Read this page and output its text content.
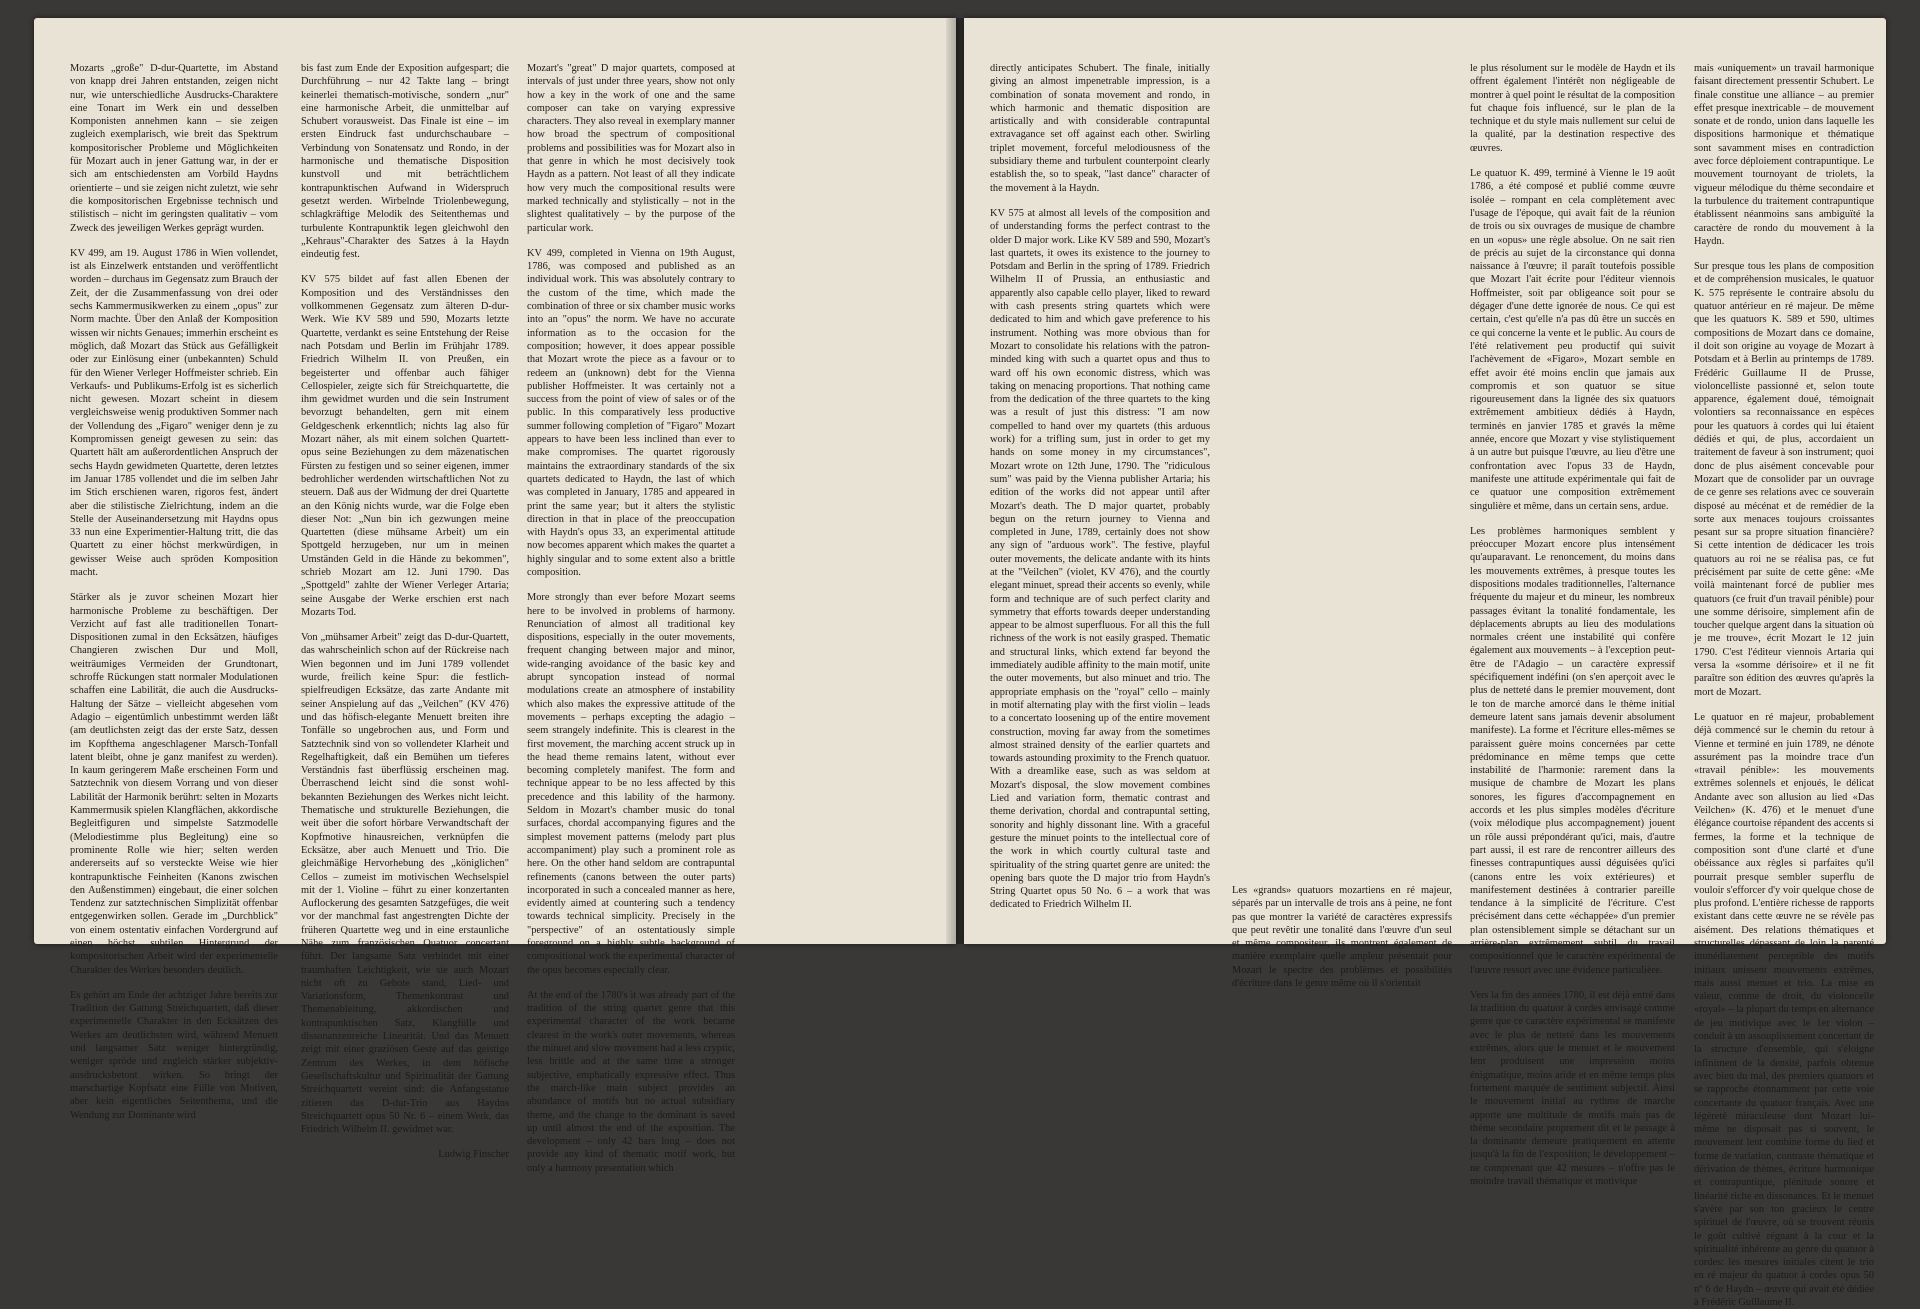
Mozarts „große" D-dur-Quartette, im Abstand von knapp drei Jahren entstanden, zeigen nicht nur, wie unterschiedliche Ausdrucks-Charaktere eine Tonart im Werk ein und desselben Komponisten annehmen kann – sie zeigen zugleich exemplarisch, wie breit das Spektrum kompositorischer Probleme und Möglichkeiten für Mozart auch in jener Gattung war, in der er sich am entschiedensten am Vorbild Haydns orientierte – und sie zeigen nicht zuletzt, wie sehr die kompositorischen Ergebnisse technisch und stilistisch – nicht im geringsten qualitativ – vom Zweck des jeweiligen Werkes geprägt wurden.

KV 499, am 19. August 1786 in Wien vollendet, ist als Einzelwerk entstanden und veröffentlicht worden – durchaus im Gegensatz zum Brauch der Zeit, der die Zusammenfassung von drei oder sechs Kammermusikwerken zu einem „opus" zur Norm machte. Über den Anlaß der Komposition wissen wir nichts Genaues; immerhin erscheint es möglich, daß Mozart das Stück aus Gefälligkeit oder zur Einlösung einer (unbekannten) Schuld für den Wiener Verleger Hoffmeister schrieb. Ein Verkaufs- und Publikums-Erfolg ist es sicherlich nicht gewesen. Mozart scheint in diesem vergleichsweise wenig produktiven Sommer nach der Vollendung des „Figaro" weniger denn je zu Kompromissen geneigt gewesen zu sein: das Quartett hält am außerordentlichen Anspruch der sechs Haydn gewidmeten Quartette, deren letztes im Januar 1785 vollendet und die im selben Jahr im Stich erschienen waren, rigoros fest, ändert aber die stilistische Zielrichtung, indem an die Stelle der Auseinandersetzung mit Haydns opus 33 nun eine Experimentier-Haltung tritt, die das Quartett zu einer höchst merkwürdigen, in gewisser Weise auch spröden Komposition macht.

Stärker als je zuvor scheinen Mozart hier harmonische Probleme zu beschäftigen. Der Verzicht auf fast alle traditionellen Tonart-Dispositionen zumal in den Ecksätzen, häufiges Changieren zwischen Dur und Moll, weiträumiges Vermeiden der Grundtonart, schroffe Rückungen statt normaler Modulationen schaffen eine Labilität, die auch die Ausdrucks-Haltung der Sätze – vielleicht abgesehen vom Adagio – eigentümlich unbestimmt werden läßt (am deutlichsten zeigt das der erste Satz, dessen im Kopfthema angeschlagener Marsch-Tonfall latent bleibt, ohne je ganz manifest zu werden). In kaum geringerem Maße erscheinen Form und Satztechnik von diesem Vorrang und von dieser Labilität der Harmonik berührt: selten in Mozarts Kammermusik spielen Klangflächen, akkordische Begleitfiguren und simpelste Satzmodelle (Melodiestimme plus Begleitung) eine so prominente Rolle wie hier; selten werden andererseits auf so versteckte Weise wie hier kontrapunktische Feinheiten (Kanons zwischen den Außenstimmen) eingebaut, die einer solchen Tendenz zur satztechnischen Simplizität offenbar entgegenwirken sollen. Gerade im „Durchblick" von einem ostentativ einfachen Vordergrund auf einen höchst subtilen Hintergrund der kompositorischen Arbeit wird der experimentelle Charakter des Werkes besonders deutlich.

Es gehört am Ende der achtziger Jahre bereits zur Tradition der Gattung Streichquartett, daß dieser experimentelle Charakter in den Ecksätzen des Werkes am deutlichsten wird, während Menuett und langsamer Satz weniger hintergründig, weniger spröde und zugleich stärker subjektiv-ausdrucksbetont wirken. So bringt der marschartige Kopfsatz eine Fülle von Motiven, aber kein eigentliches Seitenthema, und die Wendung zur Dominante wird

bis fast zum Ende der Exposition aufgespart; die Durchführung – nur 42 Takte lang – bringt keinerlei thematisch-motivische, sondern „nur" eine harmonische Arbeit, die unmittelbar auf Schubert vorausweist. Das Finale ist eine – im ersten Eindruck fast undurchschaubare – Verbindung von Sonatensatz und Rondo, in der harmonische und thematische Disposition kunstvoll und mit beträchtlichem kontrapunktischen Aufwand in Widerspruch gesetzt werden. Wirbelnde Triolenbewegung, schlagkräftige Melodik des Seitenthemas und turbulente Kontrapunktik legen gleichwohl den „Kehraus"-Charakter des Satzes à la Haydn eindeutig fest.

KV 575 bildet auf fast allen Ebenen der Komposition und des Verständnisses den vollkommenen Gegensatz zum älteren D-dur-Werk. Wie KV 589 und 590, Mozarts letzte Quartette, verdankt es seine Entstehung der Reise nach Potsdam und Berlin im Frühjahr 1789. Friedrich Wilhelm II. von Preußen, ein begeisterter und offenbar auch fähiger Cellospieler, zeigte sich für Streichquartette, die ihm gewidmet wurden und die sein Instrument bevorzugt behandelten, gern mit einem Geldgeschenk erkenntlich; nichts lag also für Mozart näher, als mit einem solchen Quartett-opus seine Beziehungen zu dem mäzenatischen Fürsten zu festigen und so seiner eigenen, immer bedrohlicher werdenden wirtschaftlichen Not zu steuern. Daß aus der Widmung der drei Quartette an den König nichts wurde, war die Folge eben dieser Not: „Nun bin ich gezwungen meine Quartetten (diese mühsame Arbeit) um ein Spottgeld herzugeben, nur um in meinen Umständen Geld in die Hände zu bekommen", schrieb Mozart am 12. Juni 1790. Das „Spottgeld" zahlte der Wiener Verleger Artaria; seine Ausgabe der Werke erschien erst nach Mozarts Tod.

Von „mühsamer Arbeit" zeigt das D-dur-Quartett, das wahrscheinlich schon auf der Rückreise nach Wien begonnen und im Juni 1789 vollendet wurde, freilich keine Spur: die festlich-spielfreudigen Ecksätze, das zarte Andante mit seiner Anspielung auf das „Veilchen" (KV 476) und das höfisch-elegante Menuett breiten ihre Tonfälle so ungebrochen aus, und Form und Satztechnik sind von so vollendeter Klarheit und Regelhaftigkeit, daß ein Bemühen um tieferes Verständnis fast überflüssig erscheinen mag. Überraschend leicht sind die sonst wohl-bekannten Beziehungen des Werkes nicht leicht. Thematische und strukturelle Beziehungen, die weit über die sofort hörbare Verwandtschaft der Kopfmotive hinausreichen, verknüpfen die Ecksätze, aber auch Menuett und Trio. Die gleichmäßige Hervorhebung des „königlichen" Cellos – zumeist im motivischen Wechselspiel mit der 1. Violine – führt zu einer konzertanten Auflockerung des gesamten Satzgefüges, die weit vor der manchmal fast angestrengten Dichte der früheren Quartette weg und in eine erstaunliche Nähe zum französischen Quatuor concertant führt. Der langsame Satz verbindet mit einer traumhaften Leichtigkeit, wie sie auch Mozart nicht oft zu Gebote stand, Lied- und Variationsform, Themenkontrast und Themenableitung, akkordischen und kontrapunktischen Satz, Klangfülle und dissonanzenreiche Linearität. Und das Menuett zeigt mit einer graziösen Geste auf das geistige Zentrum des Werkes, in dem höfische Gesellschaftskultur und Spiritualität der Gattung Streichquartett vereint sind: die Anfangsstatue zitieren das D-dur-Trio aus Haydns Streichquartett opus 50 Nr. 6 – einem Werk, das Friedrich Wilhelm II. gewidmet war.

Ludwig Finscher

Mozart's "great" D major quartets, composed at intervals of just under three years, show not only how a key in the work of one and the same composer can take on varying expressive characters. They also reveal in exemplary manner how broad the spectrum of compositional problems and possibilities was for Mozart also in that genre in which he most decisively took Haydn as a pattern. Not least of all they indicate how very much the compositional results were marked technically and stylistically – not in the slightest qualitatively – by the purpose of the particular work.

KV 499, completed in Vienna on 19th August, 1786, was composed and published as an individual work. This was absolutely contrary to the custom of the time, which made the combination of three or six chamber music works into an "opus" the norm. We have no accurate information as to the occasion for the composition; however, it does appear possible that Mozart wrote the piece as a favour or to redeem an (unknown) debt for the Vienna publisher Hoffmeister. It was certainly not a success from the point of view of sales or of the public. In this comparatively less productive summer following completion of "Figaro" Mozart appears to have been less inclined than ever to make compromises. The quartet rigorously maintains the extraordinary standards of the six quartets dedicated to Haydn, the last of which was completed in January, 1785 and appeared in print the same year; but it alters the stylistic direction in that in place of the preoccupation with Haydn's opus 33, an experimental attitude now becomes apparent which makes the quartet a highly singular and to some extent also a brittle composition.

More strongly than ever before Mozart seems here to be involved in problems of harmony. Renunciation of almost all traditional key dispositions, especially in the outer movements, frequent changing between major and minor, wide-ranging avoidance of the basic key and abrupt syncopation instead of normal modulations create an atmosphere of instability which also makes the expressive attitude of the movements – perhaps excepting the adagio – seem strangely indefinite. This is clearest in the first movement, the marching accent struck up in the head theme remains latent, without ever becoming completely manifest. The form and technique appear to be no less affected by this precedence and this lability of the harmony. Seldom in Mozart's chamber music do tonal surfaces, chordal accompanying figures and the simplest movement patterns (melody part plus accompaniment) play such a prominent role as here. On the other hand seldom are contrapuntal refinements (canons between the outer parts) incorporated in such a concealed manner as here, evidently aimed at countering such a tendency towards technical simplicity. Precisely in the "perspective" of an ostentatiously simple foreground on a highly subtle background of compositional work the experimental character of the opus becomes especially clear.

At the end of the 1780's it was already part of the tradition of the string quartet genre that this experimental character of the work became clearest in the work's outer movements, whereas the minuet and slow movement had a less cryptic, less brittle and at the same time a stronger subjective, emphatically expressive effect. Thus the march-like main subject provides an abundance of motifs but no actual subsidiary theme, and the change to the dominant is saved up until almost the end of the exposition. The development – only 42 bars long – does not provide any kind of thematic motif work, but only a harmony presentation which

directly anticipates Schubert. The finale, initially giving an almost impenetrable impression, is a combination of sonata movement and rondo, in which harmonic and thematic disposition are artistically and with considerable contrapuntal extravagance set off against each other. Swirling triplet movement, forceful melodiousness of the subsidiary theme and turbulent counterpoint clearly establish the, so to speak, "last dance" character of the movement à la Haydn.

KV 575 at almost all levels of the composition and of understanding forms the perfect contrast to the older D major work. Like KV 589 and 590, Mozart's last quartets, it owes its existence to the journey to Potsdam and Berlin in the spring of 1789. Friedrich Wilhelm II of Prussia, an enthusiastic and apparently also capable cello player, liked to reward with cash presents string quartets which were dedicated to him and which gave preference to his instrument. Nothing was more obvious than for Mozart to consolidate his relations with the patron-minded king with such a quartet opus and thus to ward off his own economic distress, which was taking on menacing proportions. That nothing came from the dedication of the three quartets to the king was a result of just this distress: "I am now compelled to hand over my quartets (this arduous work) for a trifling sum, just in order to get my hands on some money in my circumstances", Mozart wrote on 12th June, 1790. The "ridiculous sum" was paid by the Vienna publisher Artaria; his edition of the works did not appear until after Mozart's death. The D major quartet, probably begun on the return journey to Vienna and completed in June, 1789, certainly does not show any sign of "arduous work". The festive, playful outer movements, the delicate andante with its hints at the "Veilchen" (violet, KV 476), and the courtly elegant minuet, spread their accents so evenly, while form and technique are of such perfect clarity and symmetry that efforts towards deeper understanding appear to be almost superfluous. For all this the full richness of the work is not easily grasped. Thematic and structural links, which extend far beyond the immediately audible affinity to the main motif, unite the outer movements, but also minuet and trio. The appropriate emphasis on the "royal" cello – mainly in motif alternating play with the first violin – leads to a concertato loosening up of the entire movement construction, moving far away from the sometimes almost strained density of the earlier quartets and towards astounding proximity to the French quatuor. With a dreamlike ease, such as was seldom at Mozart's disposal, the slow movement combines Lied and variation form, thematic contrast and theme derivation, chordal and contrapuntal setting, sonority and highly dissonant line. With a graceful gesture the minuet points to the intellectual core of the work in which courtly cultural taste and spirituality of the string quartet genre are united: the opening bars quote the D major trio from Haydn's String Quartet opus 50 No. 6 – a work that was dedicated to Friedrich Wilhelm II.

Les «grands» quatuors mozartiens en ré majeur, séparés par un intervalle de trois ans à peine, ne font pas que montrer la variété de caractères expressifs que peut revêtir une tonalité dans l'œuvre d'un seul et même compositeur, ils montrent également de manière exemplaire quelle ampleur présentait pour Mozart le spectre des problèmes et possibilités d'écriture dans le genre même où il s'orientait

le plus résolument sur le modèle de Haydn et ils offrent également l'intérêt non négligeable de montrer à quel point le résultat de la composition fut chaque fois influencé, sur le plan de la technique et du style mais nullement sur celui de la qualité, par la destination respective des œuvres.

Le quatuor K. 499, terminé à Vienne le 19 août 1786, a été composé et publié comme œuvre isolée – rompant en cela complètement avec l'usage de l'époque, qui avait fait de la réunion de trois ou six ouvrages de musique de chambre en un «opus» une règle absolue. On ne sait rien de précis au sujet de la circonstance qui donna naissance à l'œuvre; il paraît toutefois possible que Mozart l'ait écrite pour l'éditeur viennois Hoffmeister, soit par obligeance soit pour se dégager d'une dette ignorée de nous. Ce qui est certain, c'est qu'elle n'a pas dû être un succès en ce qui concerne la vente et le public. Au cours de l'été relativement peu productif qui suivit l'achèvement de «Figaro», Mozart semble en effet avoir été moins enclin que jamais aux compromis et son quatuor se situe rigoureusement dans la lignée des six quatuors extrêmement ambitieux dédiés à Haydn, terminés en janvier 1785 et gravés la même année, encore que Mozart y vise stylistiquement à un autre but puisque l'œuvre, au lieu d'être une confrontation avec l'opus 33 de Haydn, manifeste une attitude expérimentale qui fait de ce quatuor une composition extrêmement singulière et même, dans un certain sens, ardue.

Les problèmes harmoniques semblent y préoccuper Mozart encore plus intensément qu'auparavant. Le renoncement, du moins dans les mouvements extrêmes, à presque toutes les dispositions modales traditionnelles, l'alternance fréquente du majeur et du mineur, les nombreux passages évitant la tonalité fondamentale, les déplacements abrupts au lieu des modulations normales créent une instabilité qui confère également aux mouvements – à l'exception peut-être de l'Adagio – un caractère expressif spécifiquement indéfini (on s'en aperçoit avec le plus de netteté dans le premier mouvement, dont le ton de marche amorcé dans le thème initial demeure latent sans jamais devenir absolument manifeste). La forme et l'écriture elles-mêmes se paraissent guère moins concernées par cette prédominance en même temps que cette instabilité de l'harmonie: rarement dans la musique de chambre de Mozart les plans sonores, les figures d'accompagnement en accords et les plus simples modèles d'écriture (voix mélodique plus accompagnement) jouent un rôle aussi prépondérant qu'ici, mais, d'autre part aussi, il est rare de rencontrer ailleurs des finesses contrapuntiques aussi déguisées qu'ici (canons entre les voix extérieures) et manifestement destinées à contrarier pareille tendance à la simplicité de l'écriture. C'est précisément dans cette «échappée» d'un premier plan ostensiblement simple se détachant sur un arrière-plan extrêmement subtil du travail compositionnel que le caractère expérimental de l'œuvre ressort avec une évidence particulière.

Vers la fin des années 1780, il est déjà entré dans la tradition du quatuor à cordes envisagé comme genre que ce caractère expérimental se manifeste avec le plus de netteté dans les mouvements extrêmes, alors que le menuet et le mouvement lent produisent une impression moins énigmatique, moins aride et en même temps plus fortement marquée de sentiment subjectif. Ainsi le mouvement initial au rythme de marche apporte une multitude de motifs mais pas de thème secondaire proprement dit et le passage à la dominante demeure pratiquement en attente jusqu'à la fin de l'exposition; le développement – ne comprenant que 42 mesures – n'offre pas le moindre travail thématique et motivique

mais «uniquement» un travail harmonique faisant directement pressentir Schubert. Le finale constitue une alliance – au premier effet presque inextricable – de mouvement sonate et de rondo, union dans laquelle les dispositions harmonique et thématique sont savamment mises en contradiction avec force déploiement contrapuntique. Le mouvement tournoyant de triolets, la vigueur mélodique du thème secondaire et la turbulence du traitement contrapuntique établissent néanmoins sans ambiguïté la caractère de rondo du mouvement à la Haydn.

Sur presque tous les plans de composition et de compréhension musicales, le quatuor K. 575 représente le contraire absolu du quatuor antérieur en ré majeur. De même que les quatuors K. 589 et 590, ultimes compositions de Mozart dans ce domaine, il doit son origine au voyage de Mozart à Potsdam et à Berlin au printemps de 1789. Frédéric Guillaume II de Prusse, violoncelliste passionné et, selon toute apparence, également doué, témoignait volontiers sa reconnaissance en espèces pour les quatuors à cordes qui lui étaient dédiés et qui, de plus, accordaient un traitement de faveur à son instrument; quoi donc de plus aisément concevable pour Mozart que de consolider par un ouvrage de ce genre ses relations avec ce souverain disposé au mécénat et de remédier de la sorte aux menaces toujours croissantes pesant sur sa propre situation financière? Si cette intention de dédicacer les trois quatuors au roi ne se réalisa pas, ce fut précisément par suite de cette gêne: «Me voilà maintenant forcé de publier mes quatuors (ce fruit d'un travail pénible) pour une somme dérisoire, simplement afin de toucher quelque argent dans la situation où je me trouve», écrit Mozart le 12 juin 1790. C'est l'éditeur viennois Artaria qui versa la «somme dérisoire» et il ne fit paraître son édition des œuvres qu'après la mort de Mozart.

Le quatuor en ré majeur, probablement déjà commencé sur le chemin du retour à Vienne et terminé en juin 1789, ne dénote assurément pas la moindre trace d'un «travail pénible»: les mouvements extrêmes solennels et enjoués, le délicat Andante avec son allusion au lied «Das Veilchen» (K. 476) et le menuet d'une élégance courtoise répandent des accents si fermes, la forme et la technique de composition sont d'une clarté et d'une obéissance aux règles si parfaites qu'il pourrait presque sembler superflu de vouloir s'efforcer d'y voir quelque chose de plus profond. L'entière richesse de rapports existant dans cette œuvre ne se révèle pas aisément. Des relations thématiques et structurelles dépassant de loin la parenté immédiatement perceptible des motifs initiaux unissent mouvements extrêmes, mais aussi menuet et trio. La mise en valeur, comme de droit, du violoncelle «royal» – la plupart du temps en alternance de jeu motivique avec le 1er violon – conduit à un assouplissement concertant de la structure d'ensemble, qui s'éloigne infiniment de la densité, parfois obtenue avec bien du mal, des premiers quatuors et se rapproche étonnamment par cette voie concertante du quatuor français. Avec une légèreté miraculeuse dont Mozart lui-même ne disposait pas si souvent, le mouvement lent combine forme du lied et forme de variation, contraste thématique et dérivation de thèmes, écriture harmonique et contrapuntique, plénitude sonore et linéarité riche en dissonances. Et le menuet s'avère par son ton gracieux le centre spirituel de l'œuvre, où se trouvent réunis le goût cultivé régnant à la cour et la spiritualité inhérente au genre du quatuor à cordes: les mesures initiales citent le trio en ré majeur du quatuor à cordes opus 50 nº 6 de Haydn – œuvre qui avait été dédiée à Frédéric Guillaume II.
